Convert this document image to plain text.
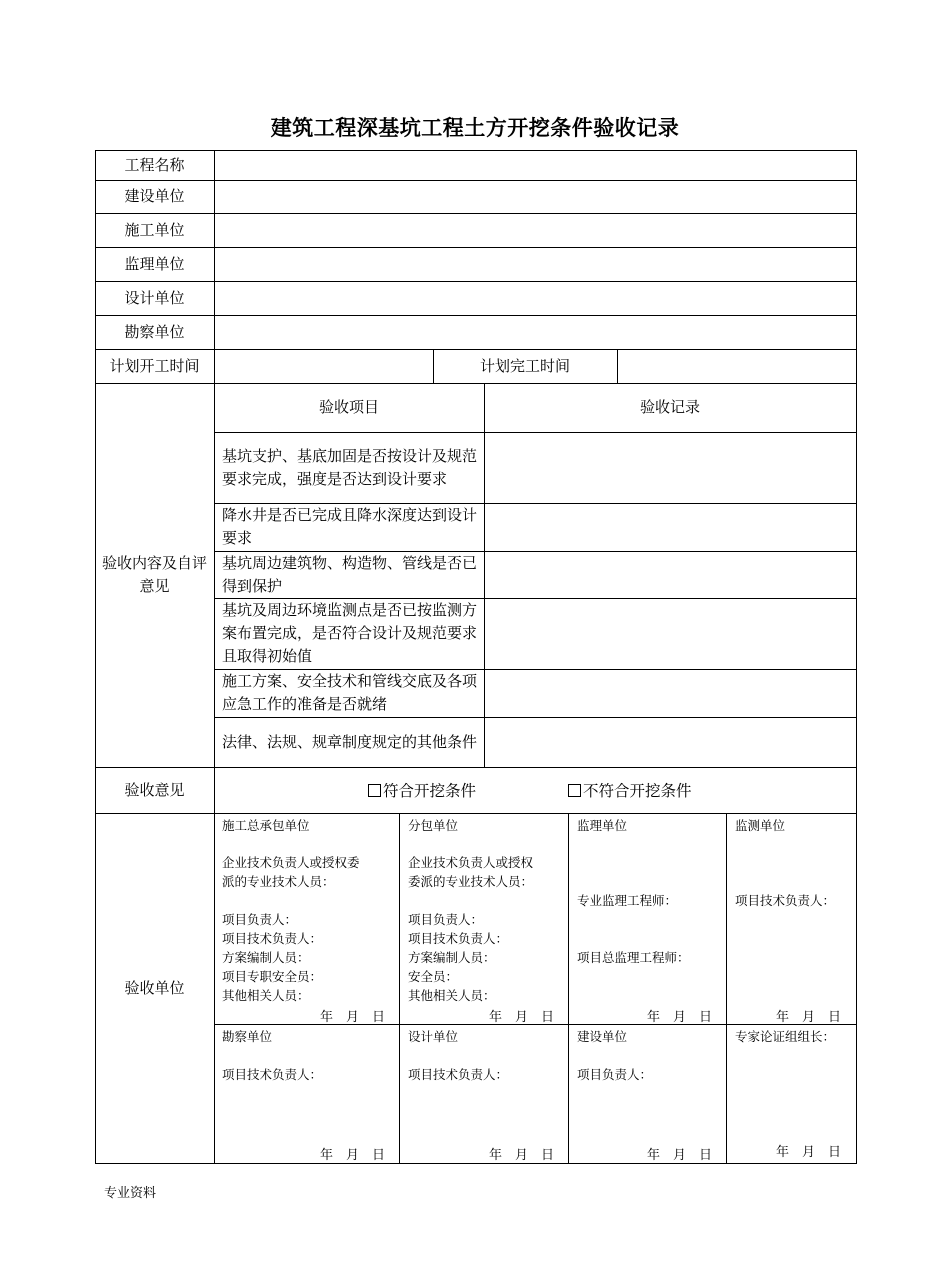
建筑工程深基坑工程土方开挖条件验收记录
工程名称
建设单位
施工单位
监理单位
设计单位
勘察单位
计划开工时间	计划完工时间
验收内容及自评意见
验收项目	验收记录
基坑支护、基底加固是否按设计及规范要求完成，强度是否达到设计要求
降水井是否已完成且降水深度达到设计要求
基坑周边建筑物、构造物、管线是否已得到保护
基坑及周边环境监测点是否已按监测方案布置完成，是否符合设计及规范要求且取得初始值
施工方案、安全技术和管线交底及各项应急工作的准备是否就绪
法律、法规、规章制度规定的其他条件
验收意见	符合开挖条件	不符合开挖条件
验收单位
施工总承包单位
企业技术负责人或授权委
派的专业技术人员：
项目负责人：
项目技术负责人：
方案编制人员：
项目专职安全员：
其他相关人员：
年 月 日
分包单位
企业技术负责人或授权
委派的专业技术人员：
项目负责人：
项目技术负责人：
方案编制人员：
安全员：
其他相关人员：
年 月 日
监理单位
专业监理工程师：
项目总监理工程师：
年 月 日
监测单位
项目技术负责人：
年 月 日
勘察单位
项目技术负责人：
年 月 日
设计单位
项目技术负责人：
年 月 日
建设单位
项目负责人：
年 月 日
专家论证组组长：
年 月 日
专业资料
